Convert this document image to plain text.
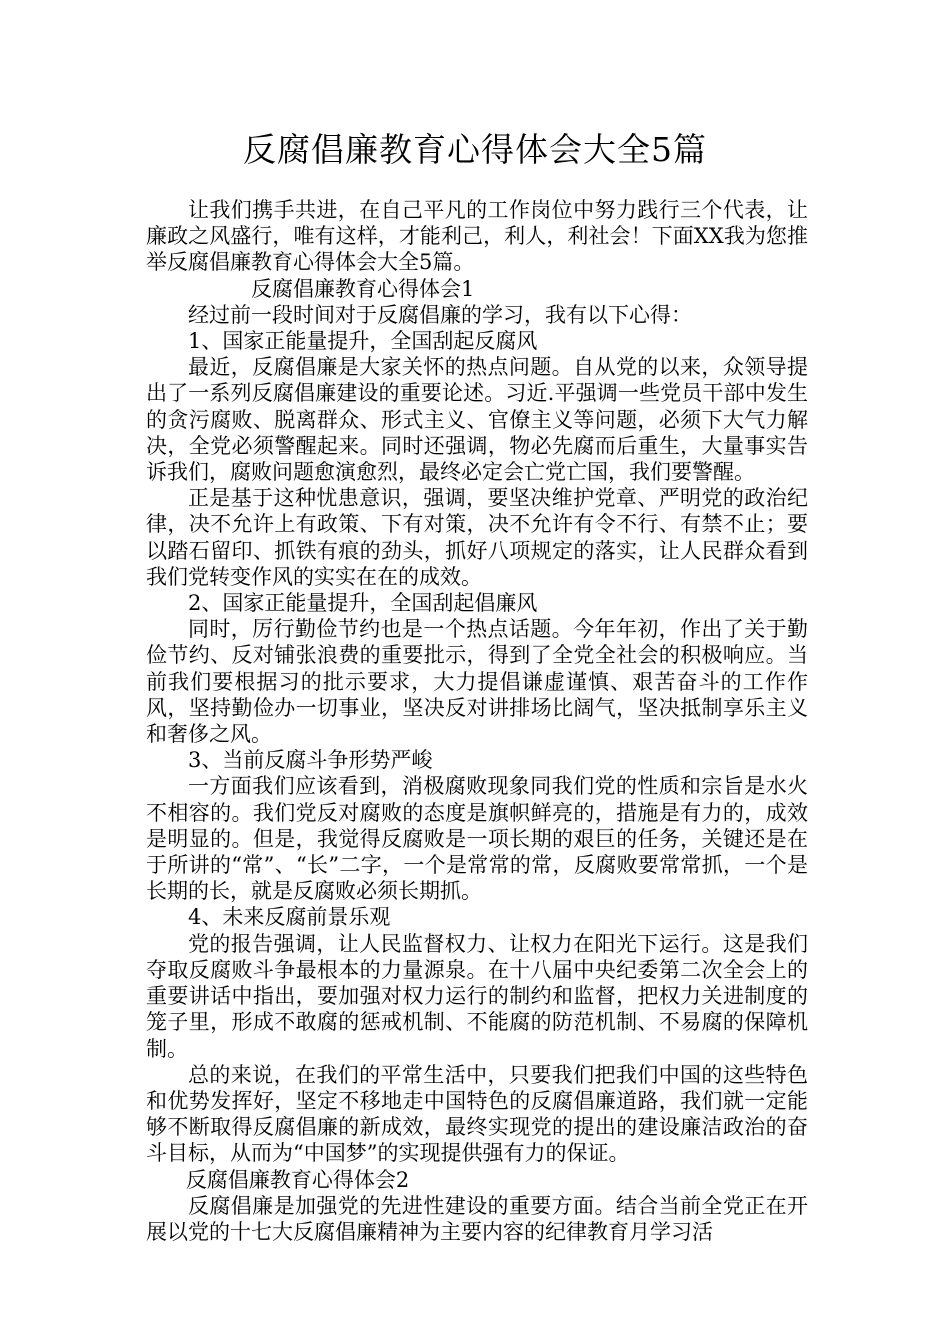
反腐倡廉教育心得体会大全5篇

让我们携手共进，在自己平凡的工作岗位中努力践行三个代表，让廉政之风盛行，唯有这样，才能利己，利人，利社会！下面XX我为您推举反腐倡廉教育心得体会大全5篇。

反腐倡廉教育心得体会1

经过前一段时间对于反腐倡廉的学习，我有以下心得：

1、国家正能量提升，全国刮起反腐风

最近，反腐倡廉是大家关怀的热点问题。自从党的以来，众领导提出了一系列反腐倡廉建设的重要论述。习近.平强调一些党员干部中发生的贪污腐败、脱离群众、形式主义、官僚主义等问题，必须下大气力解决，全党必须警醒起来。同时还强调，物必先腐而后重生，大量事实告诉我们，腐败问题愈演愈烈，最终必定会亡党亡国，我们要警醒。

正是基于这种忧患意识，强调，要坚决维护党章、严明党的政治纪律，决不允许上有政策、下有对策，决不允许有令不行、有禁不止；要以踏石留印、抓铁有痕的劲头，抓好八项规定的落实，让人民群众看到我们党转变作风的实实在在的成效。

2、国家正能量提升，全国刮起倡廉风

同时，厉行勤俭节约也是一个热点话题。今年年初，作出了关于勤俭节约、反对铺张浪费的重要批示，得到了全党全社会的积极响应。当前我们要根据习的批示要求，大力提倡谦虚谨慎、艰苦奋斗的工作作风，坚持勤俭办一切事业，坚决反对讲排场比阔气，坚决抵制享乐主义和奢侈之风。

3、当前反腐斗争形势严峻

一方面我们应该看到，消极腐败现象同我们党的性质和宗旨是水火不相容的。我们党反对腐败的态度是旗帜鲜亮的，措施是有力的，成效是明显的。但是，我觉得反腐败是一项长期的艰巨的任务，关键还是在于所讲的“常”、“长”二字，一个是常常的常，反腐败要常常抓，一个是长期的长，就是反腐败必须长期抓。

4、未来反腐前景乐观

党的报告强调，让人民监督权力、让权力在阳光下运行。这是我们夺取反腐败斗争最根本的力量源泉。在十八届中央纪委第二次全会上的重要讲话中指出，要加强对权力运行的制约和监督，把权力关进制度的笼子里，形成不敢腐的惩戒机制、不能腐的防范机制、不易腐的保障机制。

总的来说，在我们的平常生活中，只要我们把我们中国的这些特色和优势发挥好，坚定不移地走中国特色的反腐倡廉道路，我们就一定能够不断取得反腐倡廉的新成效，最终实现党的提出的建设廉洁政治的奋斗目标，从而为“中国梦”的实现提供强有力的保证。

反腐倡廉教育心得体会2

反腐倡廉是加强党的先进性建设的重要方面。结合当前全党正在开展以党的十七大反腐倡廉精神为主要内容的纪律教育月学习活
